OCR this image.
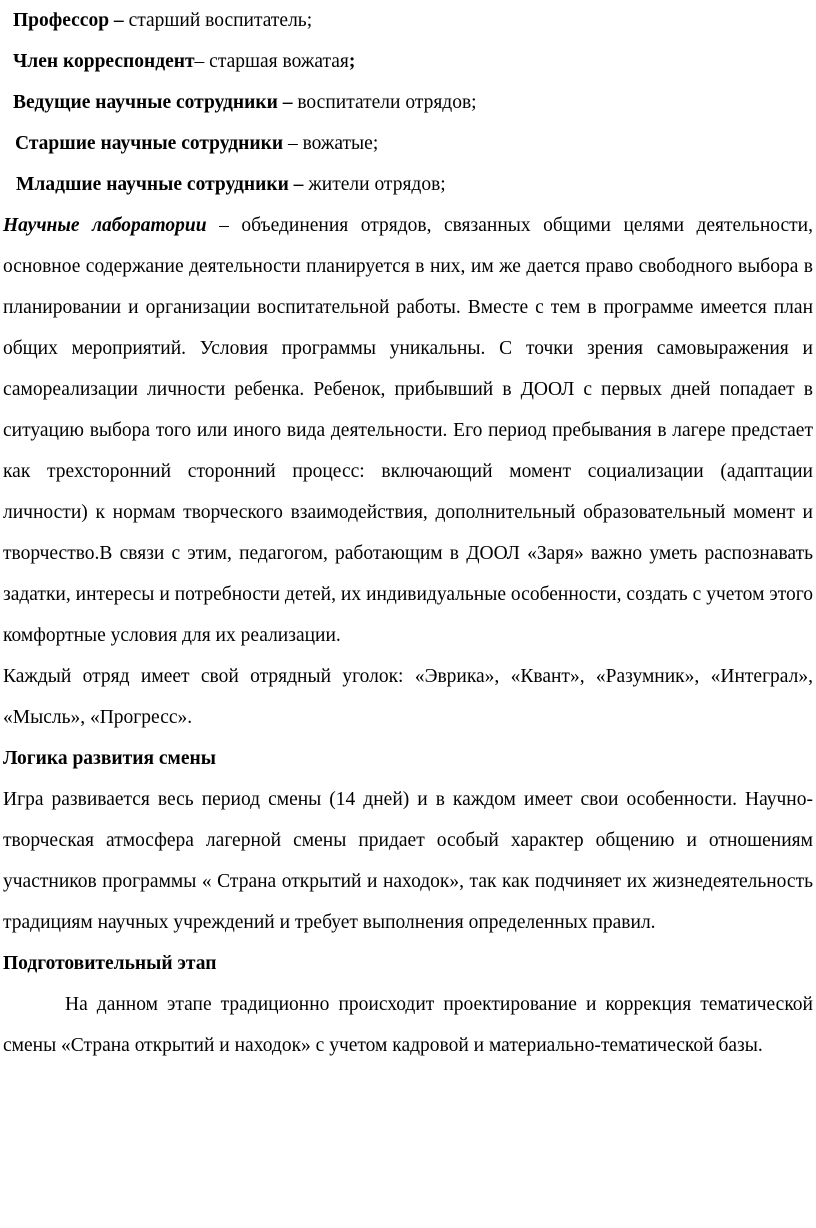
Профессор – старший воспитатель;
Член корреспондент– старшая вожатая;
Ведущие научные сотрудники – воспитатели отрядов;
Старшие научные сотрудники – вожатые;
Младшие научные сотрудники – жители отрядов;
Научные лаборатории – объединения отрядов, связанных общими целями деятельности, основное содержание деятельности планируется в них, им же дается право свободного выбора в планировании и организации воспитательной работы. Вместе с тем в программе имеется план общих мероприятий. Условия программы уникальны. С точки зрения самовыражения и самореализации личности ребенка. Ребенок, прибывший в ДООЛ с первых дней попадает в ситуацию выбора того или иного вида деятельности. Его период пребывания в лагере предстает как трехсторонний сторонний процесс: включающий момент социализации (адаптации личности) к нормам творческого взаимодействия, дополнительный образовательный момент и творчество.В связи с этим, педагогом, работающим в ДООЛ «Заря» важно уметь распознавать задатки, интересы и потребности детей, их индивидуальные особенности, создать с учетом этого комфортные условия для их реализации.
Каждый отряд имеет свой отрядный уголок: «Эврика», «Квант», «Разумник», «Интеграл», «Мысль», «Прогресс».
Логика развития смены
Игра развивается весь период смены (14 дней) и в каждом имеет свои особенности. Научно-творческая атмосфера лагерной смены придает особый характер общению и отношениям участников программы « Страна открытий и находок», так как подчиняет их жизнедеятельность традициям научных учреждений и требует выполнения определенных правил.
Подготовительный этап
На данном этапе традиционно происходит проектирование и коррекция тематической смены «Страна открытий и находок» с учетом кадровой и материально-тематической базы.
